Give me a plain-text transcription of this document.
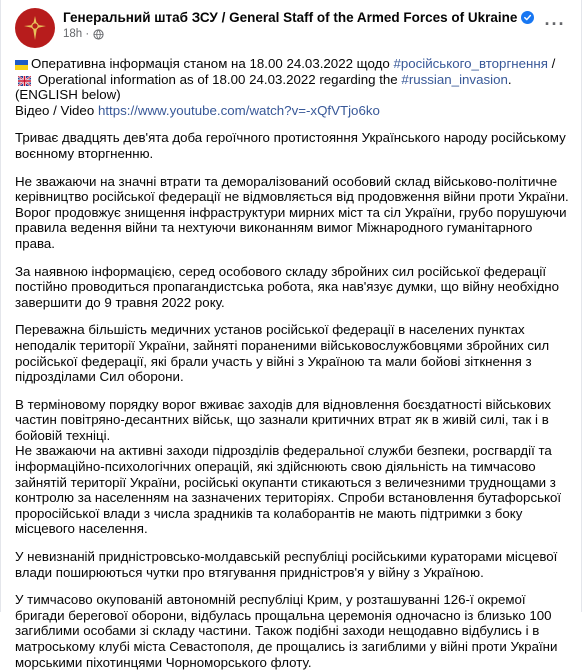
Генеральний штаб ЗСУ / General Staff of the Armed Forces of Ukraine
18h ·
···

Оперативна інформація станом на 18.00 24.03.2022 щодо #російського_вторгнення / Operational information as of 18.00 24.03.2022 regarding the #russian_invasion. (ENGLISH below)
Відео / Video https://www.youtube.com/watch?v=-xQfVTjo6ko

Триває двадцять дев'ята доба героїчного протистояння Українського народу російському воєнному вторгненню.

Не зважаючи на значні втрати та деморалізований особовий склад військово-політичне керівництво російської федерації не відмовляється від продовження війни проти України. Ворог продовжує знищення інфраструктури мирних міст та сіл України, грубо порушуючи правила ведення війни та нехтуючи виконанням вимог Міжнародного гуманітарного права.

За наявною інформацією, серед особового складу збройних сил російської федерації постійно проводиться пропагандистська робота, яка нав'язує думки, що війну необхідно завершити до 9 травня 2022 року.

Переважна більшість медичних установ російської федерації в населених пунктах неподалік території України, зайняті пораненими військовослужбовцями збройних сил російської федерації, які брали участь у війні з Україною та мали бойові зіткнення з підрозділами Сил оборони.

В терміновому порядку ворог вживає заходів для відновлення боєздатності військових частин повітряно-десантних військ, що зазнали критичних втрат як в живій силі, так і в бойовій техніці.
Не зважаючи на активні заходи підрозділів федеральної служби безпеки, росгвардії та інформаційно-психологічних операцій, які здійснюють свою діяльність на тимчасово зайнятій території України, російські окупанти стикаються з величезними труднощами з контролю за населенням на зазначених територіях. Спроби встановлення бутафорської проросійської влади з числа зрадників та колаборантів не мають підтримки з боку місцевого населення.

У невизнаній придністровсько-молдавській республіці російськими кураторами місцевої влади поширюються чутки про втягування придністров'я у війну з Україною.

У тимчасово окупованій автономній республіці Крим, у розташуванні 126-ї окремої бригади берегової оборони, відбулась прощальна церемонія одночасно із близько 100 загиблими особами зі складу частини. Також подібні заходи нещодавно відбулись і в матроському клубі міста Севастополя, де прощались із загиблими у війні проти України морськими піхотинцями Чорноморського флоту.
